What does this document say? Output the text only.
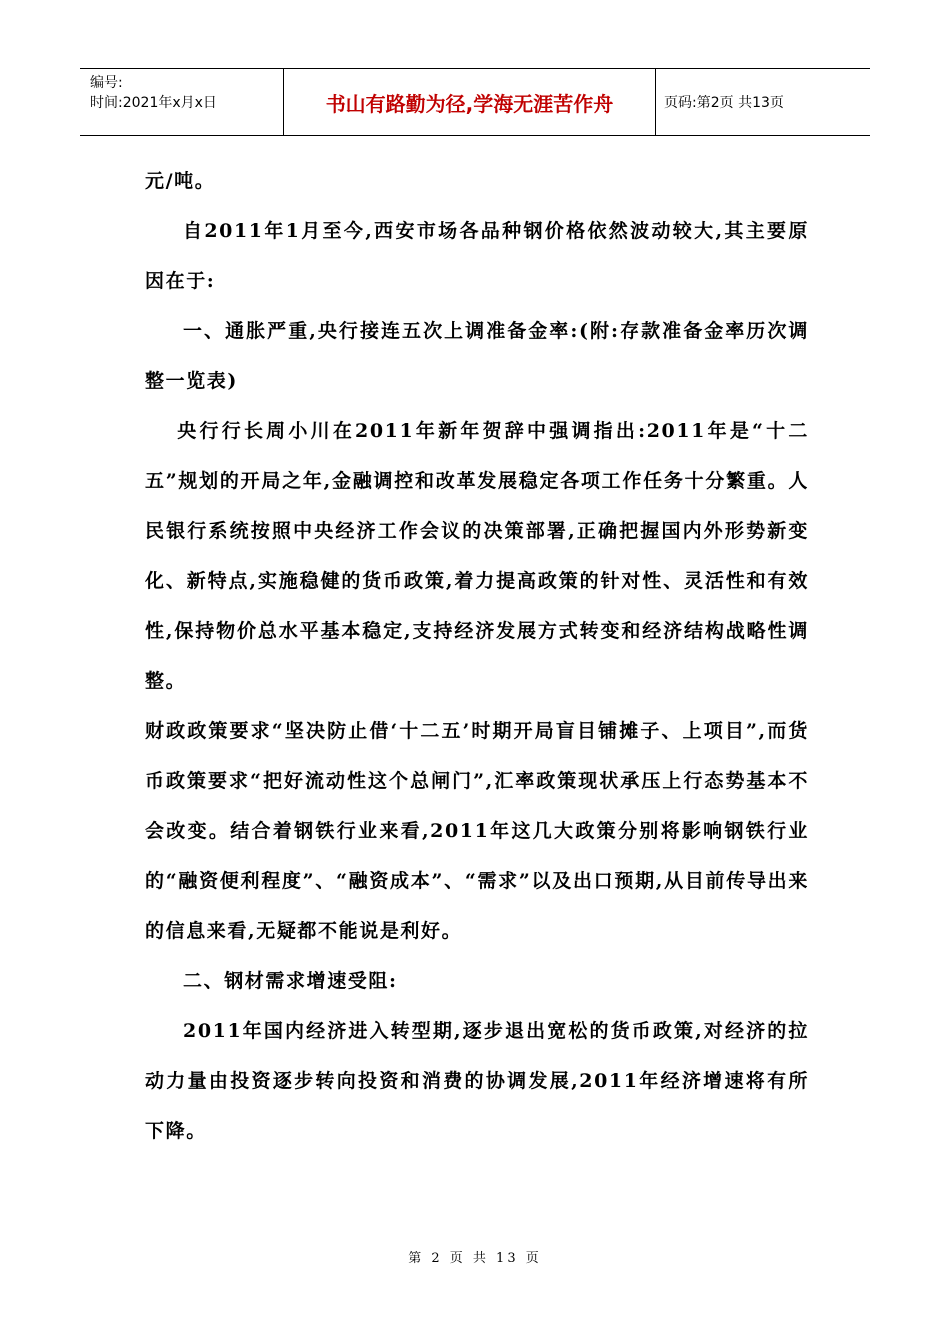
编号:
时间:2021年x月x日	书山有路勤为径,学海无涯苦作舟	页码:第2页 共13页

元/吨。

自2011年1月至今,西安市场各品种钢价格依然波动较大,其主要原因在于:

一、通胀严重,央行接连五次上调准备金率:(附:存款准备金率历次调整一览表)

央行行长周小川在2011年新年贺辞中强调指出:2011年是“十二五”规划的开局之年,金融调控和改革发展稳定各项工作任务十分繁重。人民银行系统按照中央经济工作会议的决策部署,正确把握国内外形势新变化、新特点,实施稳健的货币政策,着力提高政策的针对性、灵活性和有效性,保持物价总水平基本稳定,支持经济发展方式转变和经济结构战略性调整。

财政政策要求“坚决防止借‘十二五’时期开局盲目铺摊子、上项目”,而货币政策要求“把好流动性这个总闸门”,汇率政策现状承压上行态势基本不会改变。结合着钢铁行业来看,2011年这几大政策分别将影响钢铁行业的“融资便利程度”、“融资成本”、“需求”以及出口预期,从目前传导出来的信息来看,无疑都不能说是利好。

二、钢材需求增速受阻:

2011年国内经济进入转型期,逐步退出宽松的货币政策,对经济的拉动力量由投资逐步转向投资和消费的协调发展,2011年经济增速将有所下降。

第 2 页 共 13 页
